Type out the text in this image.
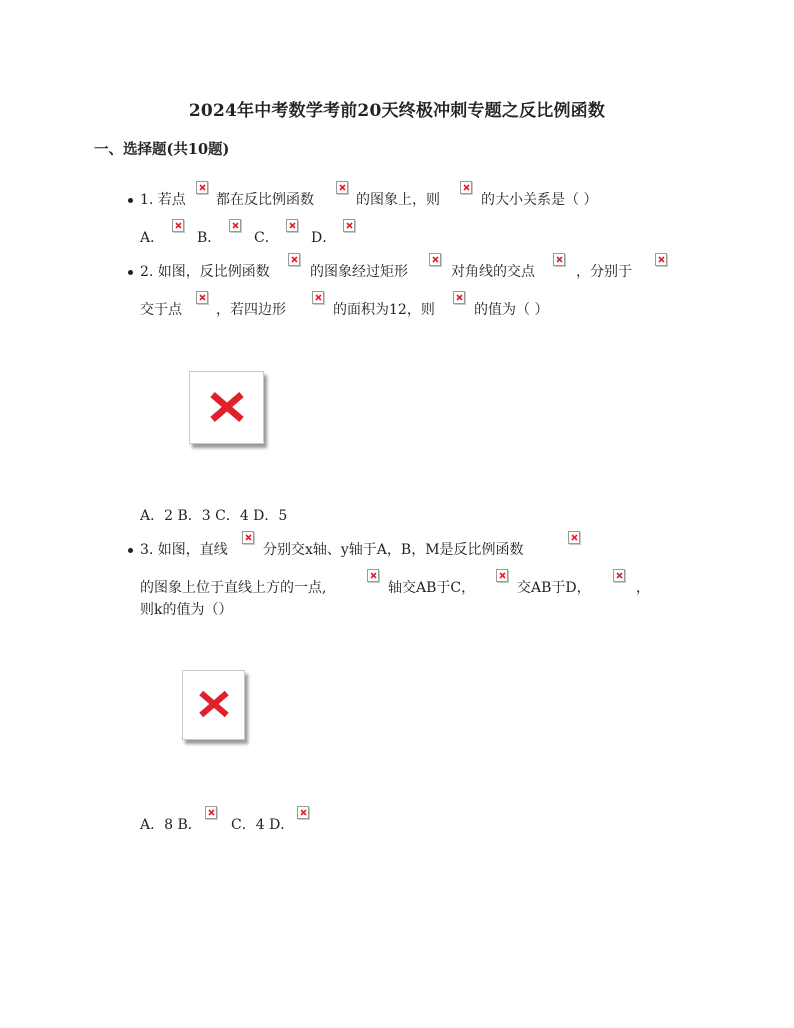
2024年中考数学考前20天终极冲刺专题之反比例函数
一、选择题(共10题)
1. 若点 都在反比例函数	的图象上，则	的大小关系是（ ）
A． B． C． D．
2. 如图，反比例函数	的图象经过矩形	对角线的交点	，分别于
交于点 ，若四边形	的面积为12，则	的值为（ ）
A．2 B．3 C．4 D．5
3. 如图，直线	分别交x轴、y轴于A，B，M是反比例函数
的图象上位于直线上方的一点,	轴交AB于C，	交AB于D，	，
则k的值为（）
A．8 B． C．4 D．
